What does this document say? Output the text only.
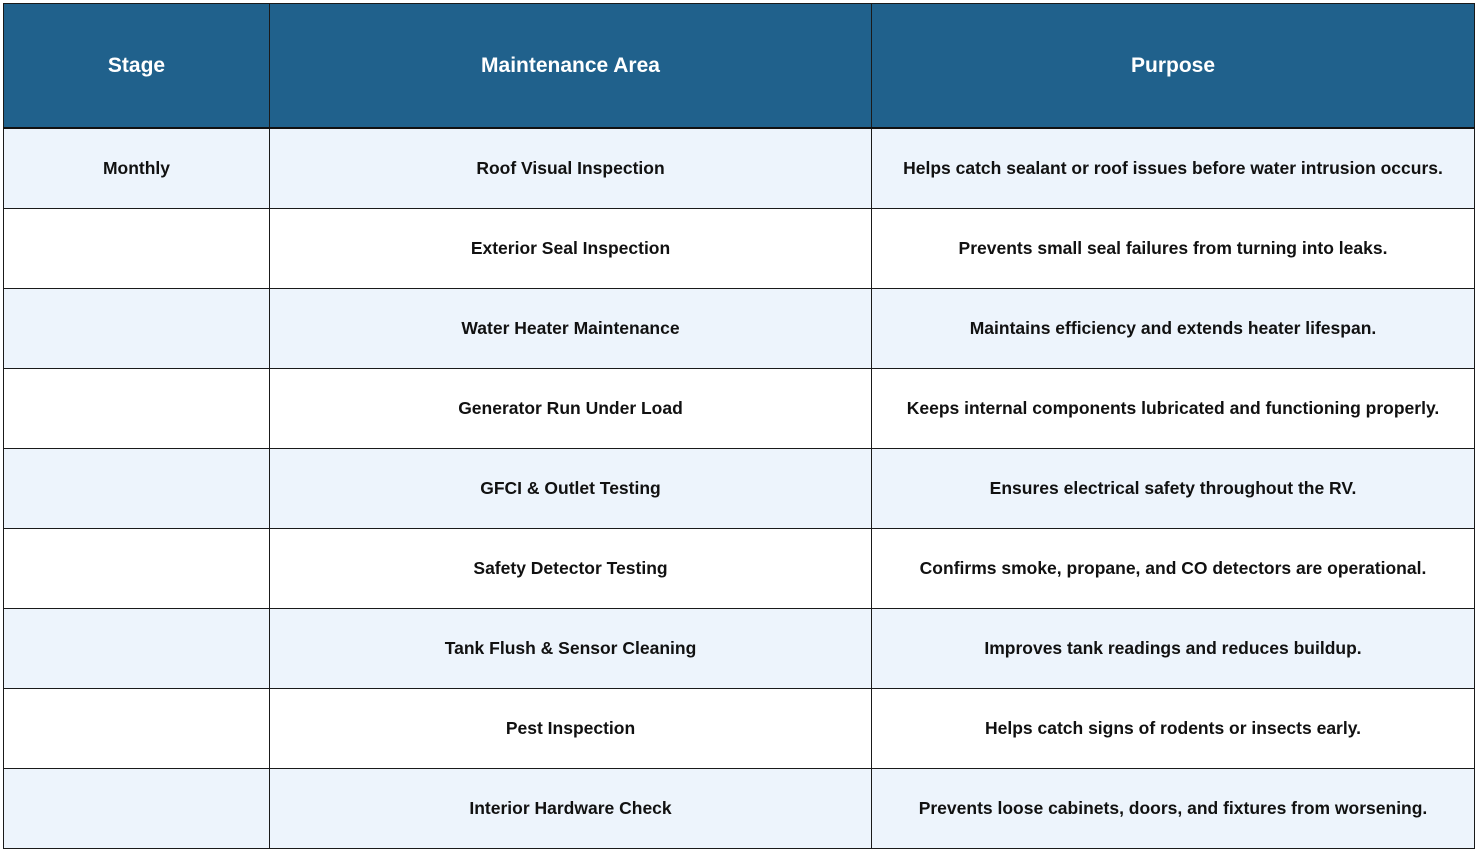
Stage	Maintenance Area	Purpose
Monthly	Roof Visual Inspection	Helps catch sealant or roof issues before water intrusion occurs.
	Exterior Seal Inspection	Prevents small seal failures from turning into leaks.
	Water Heater Maintenance	Maintains efficiency and extends heater lifespan.
	Generator Run Under Load	Keeps internal components lubricated and functioning properly.
	GFCI & Outlet Testing	Ensures electrical safety throughout the RV.
	Safety Detector Testing	Confirms smoke, propane, and CO detectors are operational.
	Tank Flush & Sensor Cleaning	Improves tank readings and reduces buildup.
	Pest Inspection	Helps catch signs of rodents or insects early.
	Interior Hardware Check	Prevents loose cabinets, doors, and fixtures from worsening.
